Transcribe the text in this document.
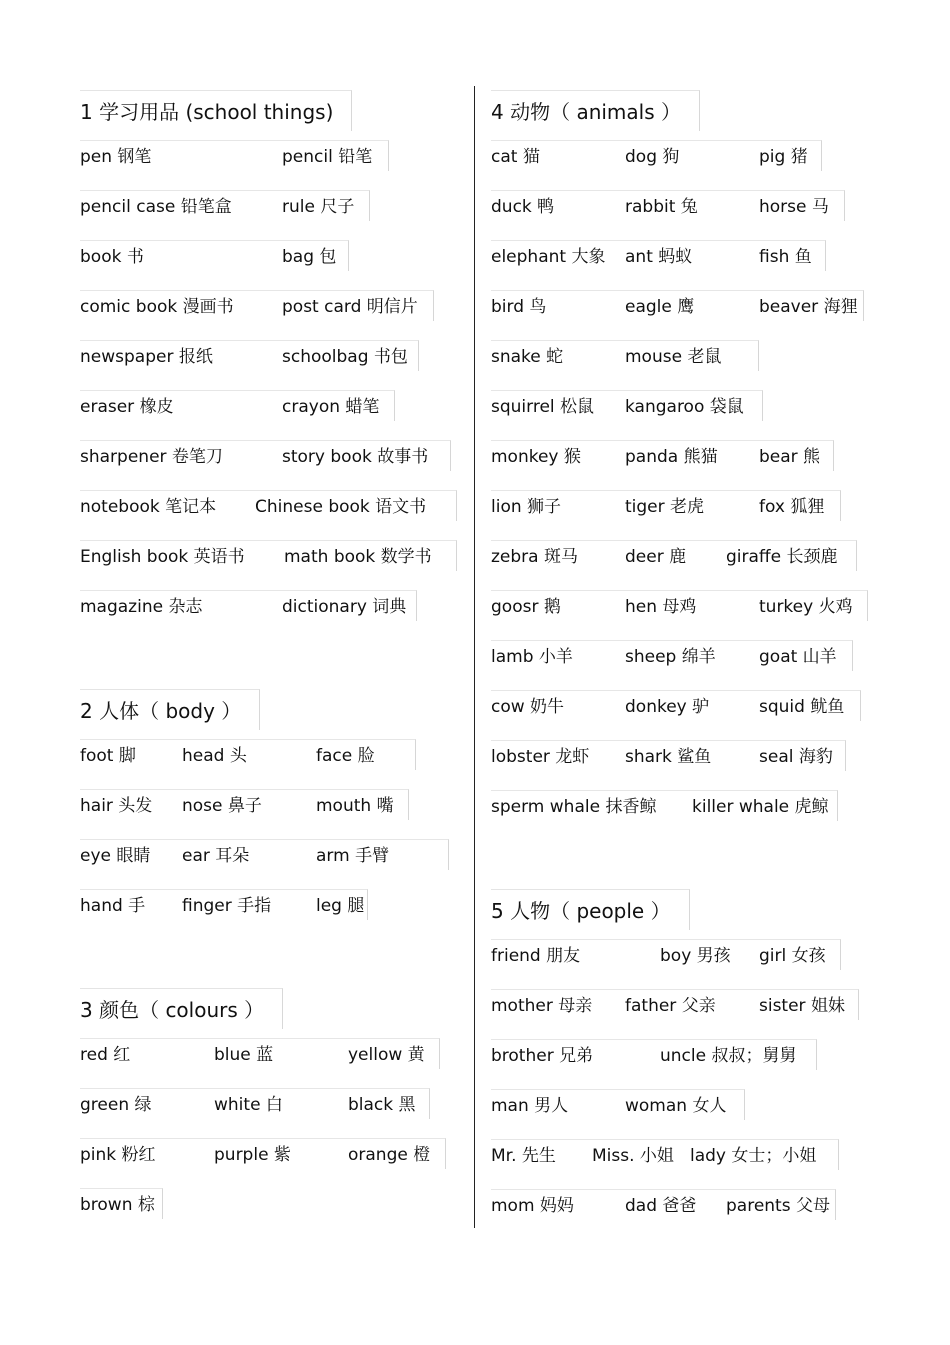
1 学习用品 (school things)
pen 钢笔	pencil 铅笔
pencil case 铅笔盒	rule 尺子
book 书	bag 包
comic book 漫画书	post card 明信片
newspaper 报纸	schoolbag 书包
eraser 橡皮	crayon 蜡笔
sharpener 卷笔刀	story book 故事书
notebook 笔记本 Chinese book 语文书
English book 英语书 math book 数学书
magazine 杂志	dictionary 词典
2 人体（ body ）
foot 脚	head 头	face 脸
hair 头发 nose 鼻子	mouth 嘴
eye 眼睛 ear 耳朵	arm 手臂
hand 手 finger 手指	leg 腿
3 颜色（ colours ）
red 红	blue 蓝	yellow 黄
green 绿	white 白	black 黑
pink 粉红	purple 紫	orange 橙
brown 棕
4 动物（ animals ）
cat 猫	dog 狗	pig 猪
duck 鸭	rabbit 兔	horse 马
elephant 大象 ant 蚂蚁	fish 鱼
bird 鸟	eagle 鹰	beaver 海狸
snake 蛇	mouse 老鼠
squirrel 松鼠 kangaroo 袋鼠
monkey 猴	panda 熊猫 bear 熊
lion 狮子	tiger 老虎	fox 狐狸
zebra 斑马	deer 鹿 giraffe 长颈鹿
goosr 鹅	hen 母鸡	turkey 火鸡
lamb 小羊	sheep 绵羊	goat 山羊
cow 奶牛	donkey 驴	squid 鱿鱼
lobster 龙虾 shark 鲨鱼	seal 海豹
sperm whale 抹香鲸 killer whale 虎鲸
5 人物（ people ）
friend 朋友	boy 男孩 girl 女孩
mother 母亲 father 父亲	sister 姐妹
brother 兄弟	uncle 叔叔；舅舅
man 男人	woman 女人
Mr. 先生 Miss. 小姐 lady 女士；小姐
mom 妈妈	dad 爸爸 parents 父母
